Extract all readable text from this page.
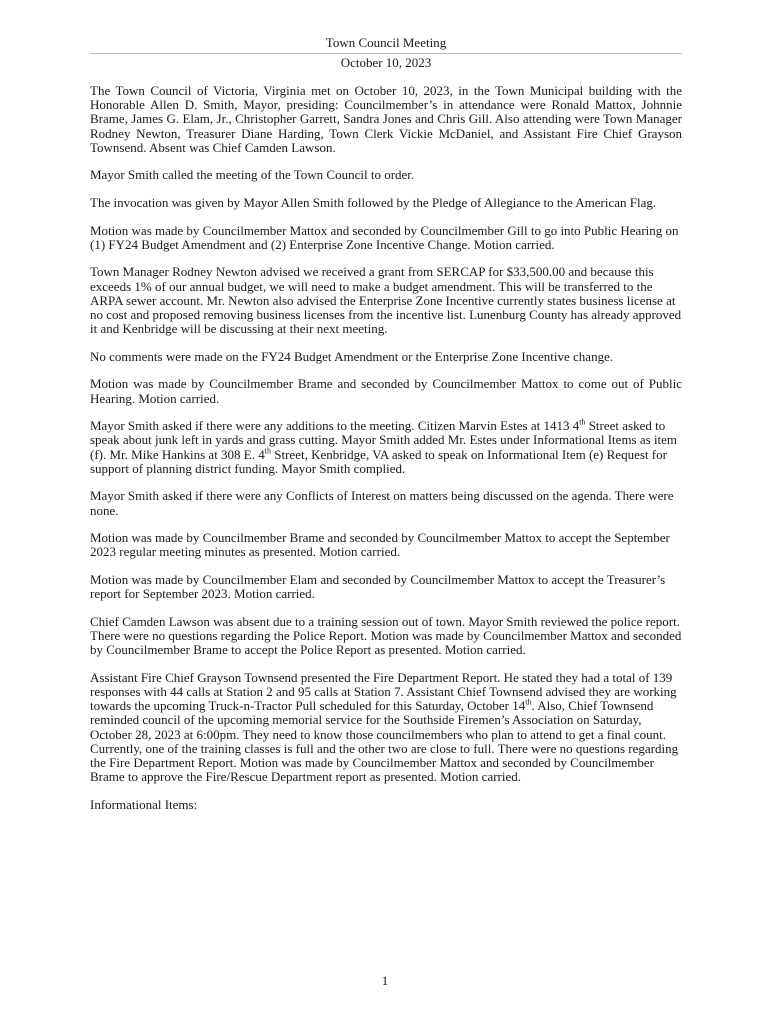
Town Council Meeting
October 10, 2023

The Town Council of Victoria, Virginia met on October 10, 2023, in the Town Municipal building with the Honorable Allen D. Smith, Mayor, presiding: Councilmember’s in attendance were Ronald Mattox, Johnnie Brame, James G. Elam, Jr., Christopher Garrett, Sandra Jones and Chris Gill. Also attending were Town Manager Rodney Newton, Treasurer Diane Harding, Town Clerk Vickie McDaniel, and Assistant Fire Chief Grayson Townsend. Absent was Chief Camden Lawson.

Mayor Smith called the meeting of the Town Council to order.

The invocation was given by Mayor Allen Smith followed by the Pledge of Allegiance to the American Flag.

Motion was made by Councilmember Mattox and seconded by Councilmember Gill to go into Public Hearing on (1) FY24 Budget Amendment and (2) Enterprise Zone Incentive Change. Motion carried.

Town Manager Rodney Newton advised we received a grant from SERCAP for $33,500.00 and because this exceeds 1% of our annual budget, we will need to make a budget amendment. This will be transferred to the ARPA sewer account. Mr. Newton also advised the Enterprise Zone Incentive currently states business license at no cost and proposed removing business licenses from the incentive list. Lunenburg County has already approved it and Kenbridge will be discussing at their next meeting.

No comments were made on the FY24 Budget Amendment or the Enterprise Zone Incentive change.

Motion was made by Councilmember Brame and seconded by Councilmember Mattox to come out of Public Hearing. Motion carried.

Mayor Smith asked if there were any additions to the meeting. Citizen Marvin Estes at 1413 4th Street asked to speak about junk left in yards and grass cutting. Mayor Smith added Mr. Estes under Informational Items as item (f). Mr. Mike Hankins at 308 E. 4th Street, Kenbridge, VA asked to speak on Informational Item (e) Request for support of planning district funding. Mayor Smith complied.

Mayor Smith asked if there were any Conflicts of Interest on matters being discussed on the agenda. There were none.

Motion was made by Councilmember Brame and seconded by Councilmember Mattox to accept the September 2023 regular meeting minutes as presented. Motion carried.

Motion was made by Councilmember Elam and seconded by Councilmember Mattox to accept the Treasurer’s report for September 2023. Motion carried.

Chief Camden Lawson was absent due to a training session out of town. Mayor Smith reviewed the police report. There were no questions regarding the Police Report. Motion was made by Councilmember Mattox and seconded by Councilmember Brame to accept the Police Report as presented. Motion carried.

Assistant Fire Chief Grayson Townsend presented the Fire Department Report. He stated they had a total of 139 responses with 44 calls at Station 2 and 95 calls at Station 7. Assistant Chief Townsend advised they are working towards the upcoming Truck-n-Tractor Pull scheduled for this Saturday, October 14th. Also, Chief Townsend reminded council of the upcoming memorial service for the Southside Firemen’s Association on Saturday, October 28, 2023 at 6:00pm. They need to know those councilmembers who plan to attend to get a final count. Currently, one of the training classes is full and the other two are close to full. There were no questions regarding the Fire Department Report. Motion was made by Councilmember Mattox and seconded by Councilmember Brame to approve the Fire/Rescue Department report as presented. Motion carried.

Informational Items:

1
